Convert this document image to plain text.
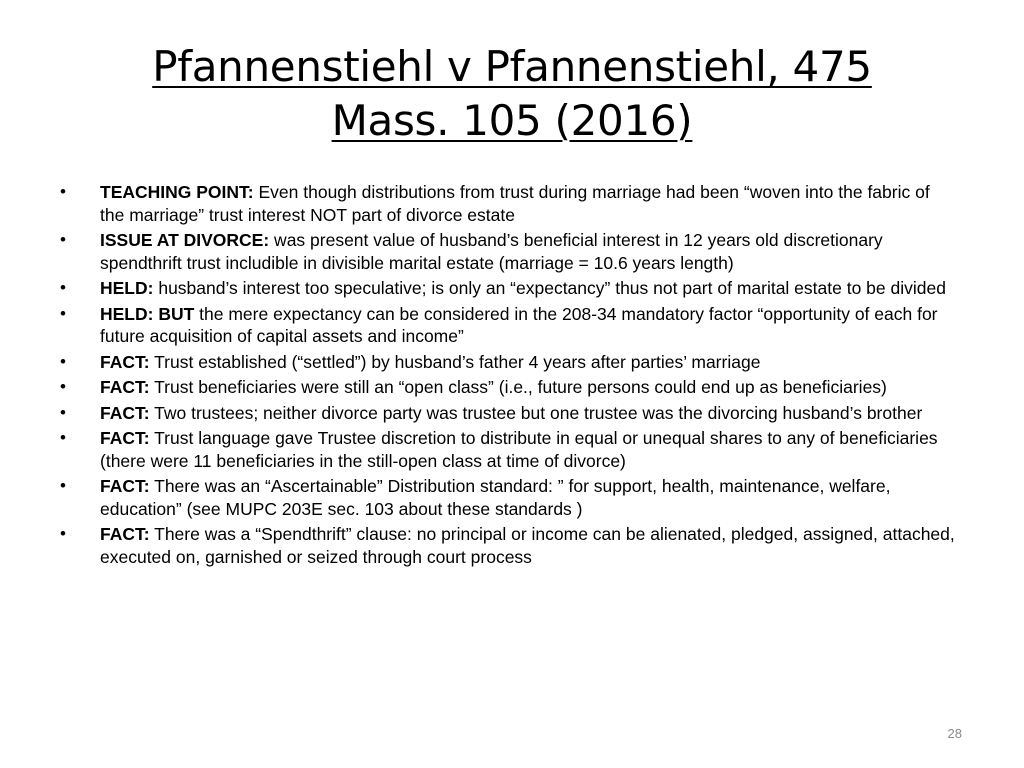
Pfannenstiehl v Pfannenstiehl, 475
Mass. 105 (2016)
• TEACHING POINT: Even though distributions from trust during marriage had been “woven into the fabric of the marriage” trust interest NOT part of divorce estate
• ISSUE AT DIVORCE: was present value of husband’s beneficial interest in 12 years old discretionary spendthrift trust includible in divisible marital estate (marriage = 10.6 years length)
• HELD: husband’s interest too speculative; is only an “expectancy” thus not part of marital estate to be divided
• HELD: BUT the mere expectancy can be considered in the 208-34 mandatory factor “opportunity of each for future acquisition of capital assets and income”
• FACT: Trust established (“settled”) by husband’s father 4 years after parties’ marriage
• FACT: Trust beneficiaries were still an “open class” (i.e., future persons could end up as beneficiaries)
• FACT: Two trustees; neither divorce party was trustee but one trustee was the divorcing husband’s brother
• FACT: Trust language gave Trustee discretion to distribute in equal or unequal shares to any of beneficiaries (there were 11 beneficiaries in the still-open class at time of divorce)
• FACT: There was an “Ascertainable” Distribution standard: ” for support, health, maintenance, welfare, education” (see MUPC 203E sec. 103 about these standards )
• FACT: There was a “Spendthrift” clause: no principal or income can be alienated, pledged, assigned, attached, executed on, garnished or seized through court process
28
